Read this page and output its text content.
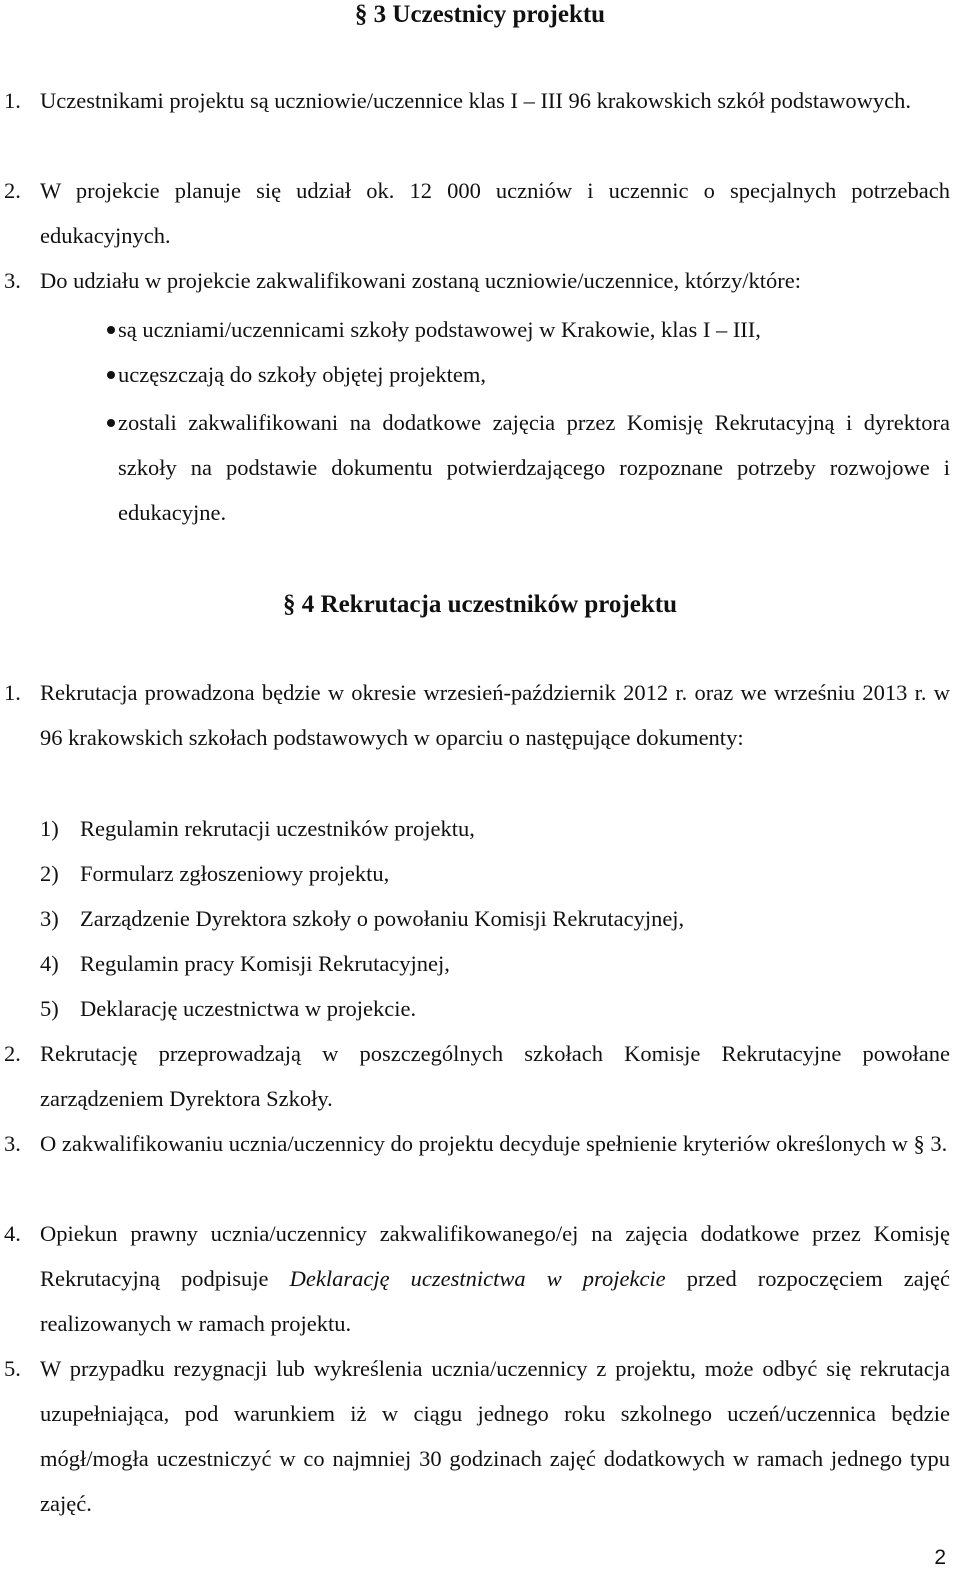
§ 3 Uczestnicy projektu
1. Uczestnikami projektu są uczniowie/uczennice klas I – III 96 krakowskich szkół podstawowych.
2. W projekcie planuje się udział ok. 12 000 uczniów i uczennic o specjalnych potrzebach edukacyjnych.
3. Do udziału w projekcie zakwalifikowani zostaną uczniowie/uczennice, którzy/które:
są uczniami/uczennicami szkoły podstawowej w Krakowie, klas I – III,
uczęszczają do szkoły objętej projektem,
zostali zakwalifikowani na dodatkowe zajęcia przez Komisję Rekrutacyjną i dyrektora szkoły na podstawie dokumentu potwierdzającego rozpoznane potrzeby rozwojowe i edukacyjne.
§ 4 Rekrutacja uczestników projektu
1. Rekrutacja prowadzona będzie w okresie wrzesień-październik 2012 r. oraz we wrześniu 2013 r. w 96 krakowskich szkołach podstawowych w oparciu o następujące dokumenty:
1) Regulamin rekrutacji uczestników projektu,
2) Formularz zgłoszeniowy projektu,
3) Zarządzenie Dyrektora szkoły o powołaniu Komisji Rekrutacyjnej,
4) Regulamin pracy Komisji Rekrutacyjnej,
5) Deklarację uczestnictwa w projekcie.
2. Rekrutację przeprowadzają w poszczególnych szkołach Komisje Rekrutacyjne powołane zarządzeniem Dyrektora Szkoły.
3. O zakwalifikowaniu ucznia/uczennicy do projektu decyduje spełnienie kryteriów określonych w § 3.
4. Opiekun prawny ucznia/uczennicy zakwalifikowanego/ej na zajęcia dodatkowe przez Komisję Rekrutacyjną podpisuje Deklarację uczestnictwa w projekcie przed rozpoczęciem zajęć realizowanych w ramach projektu.
5. W przypadku rezygnacji lub wykreślenia ucznia/uczennicy z projektu, może odbyć się rekrutacja uzupełniająca, pod warunkiem iż w ciągu jednego roku szkolnego uczeń/uczennica będzie mógł/mogła uczestniczyć w co najmniej 30 godzinach zajęć dodatkowych w ramach jednego typu zajęć.
2
